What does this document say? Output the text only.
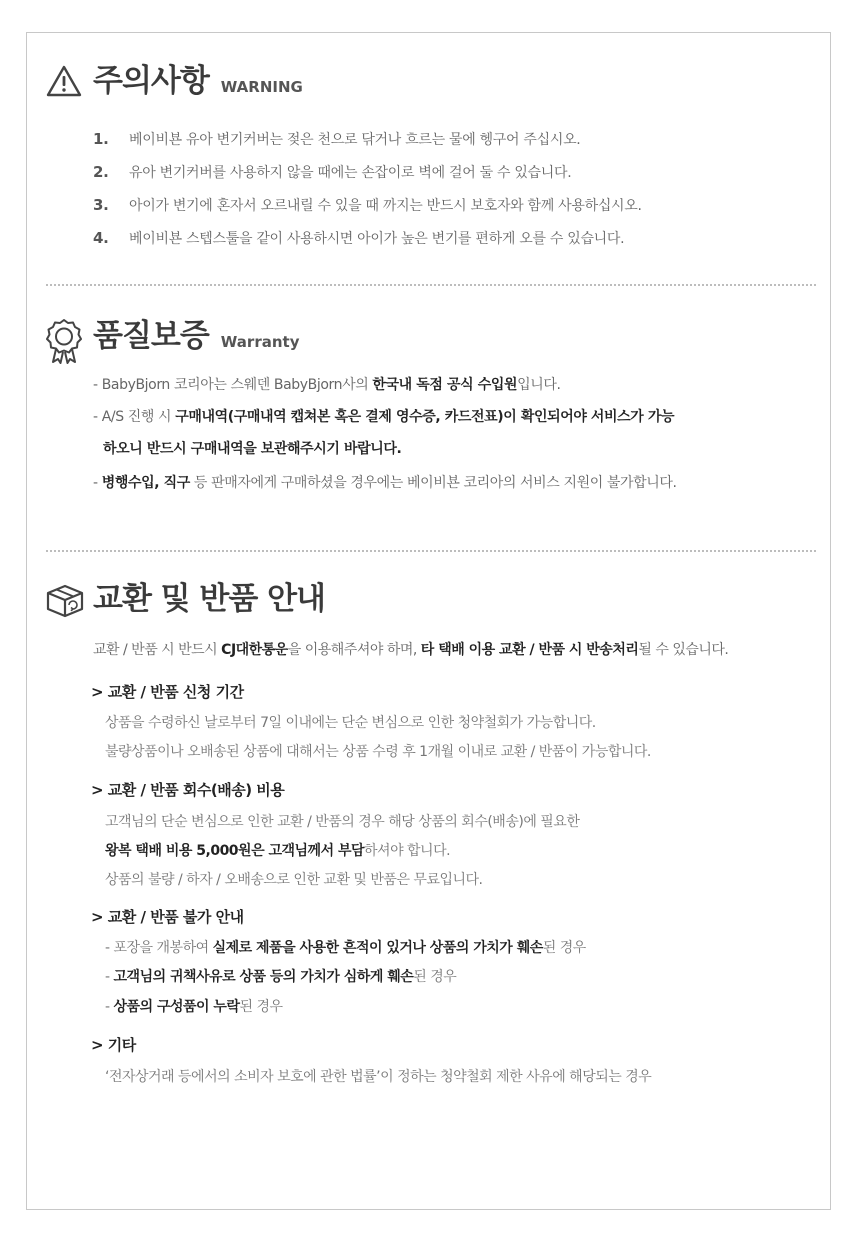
주의사항 WARNING
1.	베이비뵨 유아 변기커버는 젖은 천으로 닦거나 흐르는 물에 헹구어 주십시오.
2.	유아 변기커버를 사용하지 않을 때에는 손잡이로 벽에 걸어 둘 수 있습니다.
3.	아이가 변기에 혼자서 오르내릴 수 있을 때 까지는 반드시 보호자와 함께 사용하십시오.
4.	베이비뵨 스텝스툴을 같이 사용하시면 아이가 높은 변기를 편하게 오를 수 있습니다.
품질보증 Warranty
- BabyBjorn 코리아는 스웨덴 BabyBjorn사의 한국내 독점 공식 수입원입니다.
- A/S 진행 시 구매내역(구매내역 캡쳐본 혹은 결제 영수증, 카드전표)이 확인되어야 서비스가 가능
하오니 반드시 구매내역을 보관해주시기 바랍니다.
- 병행수입, 직구 등 판매자에게 구매하셨을 경우에는 베이비뵨 코리아의 서비스 지원이 불가합니다.
교환 및 반품 안내
교환 / 반품 시 반드시 CJ대한통운을 이용해주셔야 하며, 타 택배 이용 교환 / 반품 시 반송처리될 수 있습니다.
> 교환 / 반품 신청 기간
상품을 수령하신 날로부터 7일 이내에는 단순 변심으로 인한 청약철회가 가능합니다.
불량상품이나 오배송된 상품에 대해서는 상품 수령 후 1개월 이내로 교환 / 반품이 가능합니다.
> 교환 / 반품 회수(배송) 비용
고객님의 단순 변심으로 인한 교환 / 반품의 경우 해당 상품의 회수(배송)에 필요한
왕복 택배 비용 5,000원은 고객님께서 부담하셔야 합니다.
상품의 불량 / 하자 / 오배송으로 인한 교환 및 반품은 무료입니다.
> 교환 / 반품 불가 안내
- 포장을 개봉하여 실제로 제품을 사용한 흔적이 있거나 상품의 가치가 훼손된 경우
- 고객님의 귀책사유로 상품 등의 가치가 심하게 훼손된 경우
- 상품의 구성품이 누락된 경우
> 기타
‘전자상거래 등에서의 소비자 보호에 관한 법률’이 정하는 청약철회 제한 사유에 해당되는 경우
